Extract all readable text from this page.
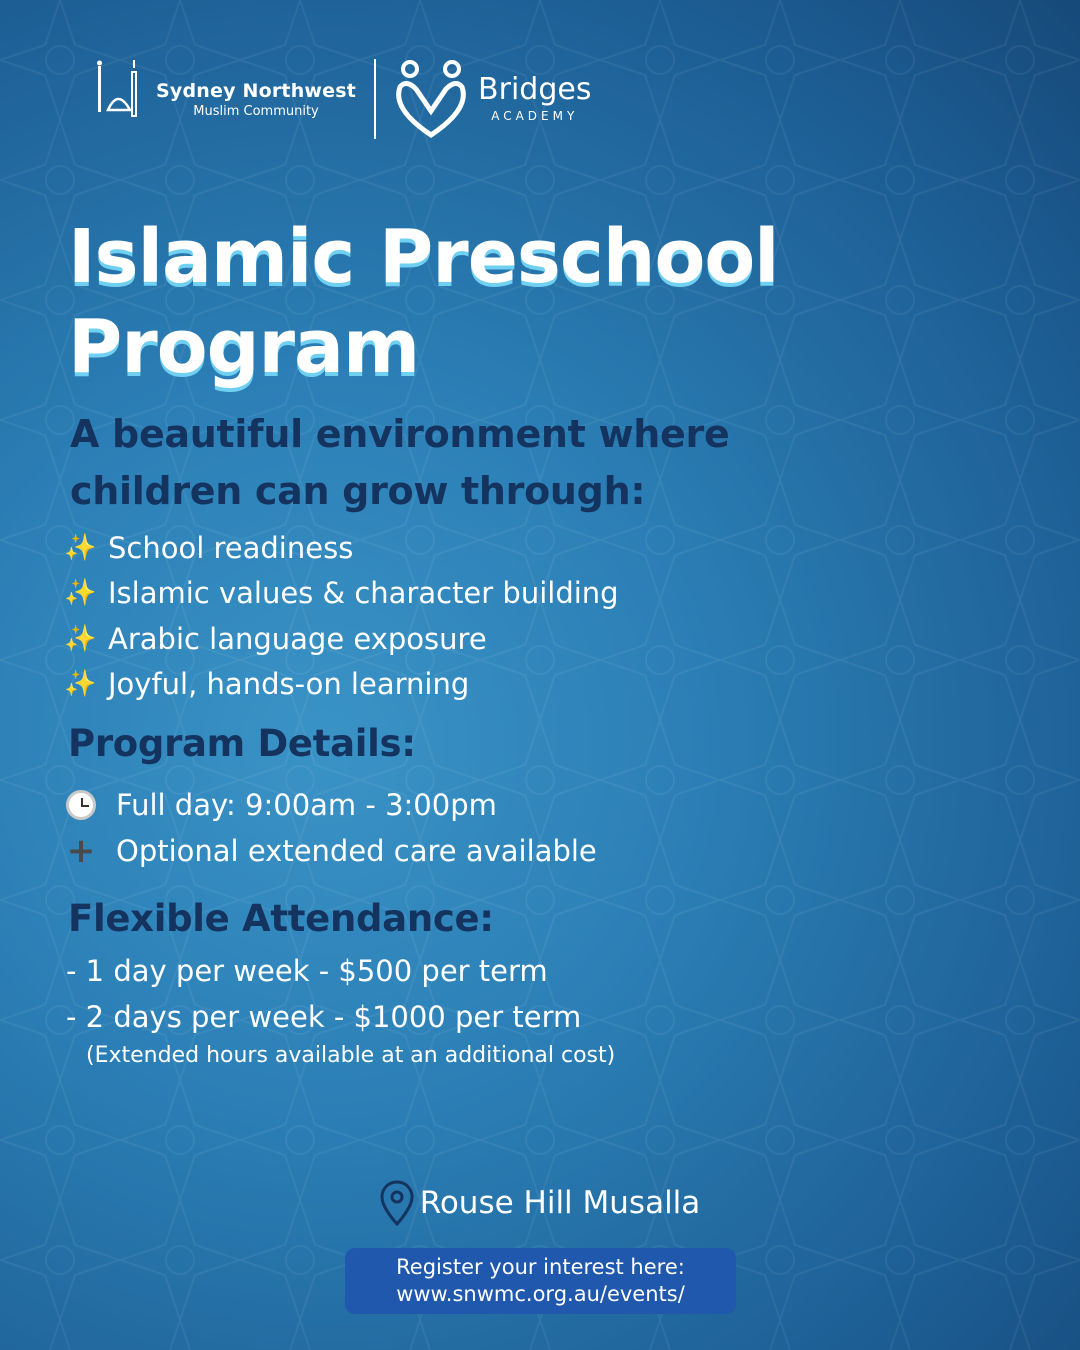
Sydney Northwest
Muslim Community
Bridges
ACADEMY
Islamic Preschool
Program
A beautiful environment where
children can grow through:
✨ School readiness
✨ Islamic values & character building
✨ Arabic language exposure
✨ Joyful, hands-on learning
Program Details:
Full day: 9:00am - 3:00pm
+ Optional extended care available
Flexible Attendance:
- 1 day per week - $500 per term
- 2 days per week - $1000 per term

(Extended hours available at an additional cost)

Rouse Hill Musalla
Register your interest here:
www.snwmc.org.au/events/
